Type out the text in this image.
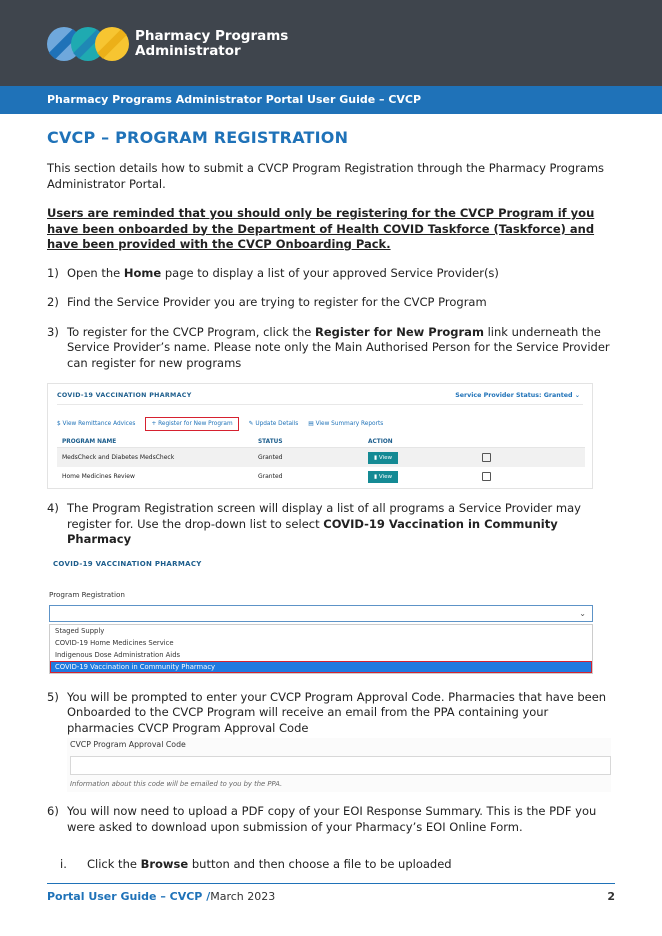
Pharmacy Programs
Administrator
Pharmacy Programs Administrator Portal User Guide – CVCP
CVCP – PROGRAM REGISTRATION

This section details how to submit a CVCP Program Registration through the Pharmacy Programs Administrator Portal.

Users are reminded that you should only be registering for the CVCP Program if you have been onboarded by the Department of Health COVID Taskforce (Taskforce) and have been provided with the CVCP Onboarding Pack.

1) Open the Home page to display a list of your approved Service Provider(s)
2) Find the Service Provider you are trying to register for the CVCP Program
3) To register for the CVCP Program, click the Register for New Program link underneath the Service Provider’s name. Please note only the Main Authorised Person for the Service Provider can register for new programs
COVID-19 VACCINATION PHARMACY	Service Provider Status: Granted ⌄
$ View Remittance Advices	+ Register for New Program	✎ Update Details ▤ View Summary Reports
PROGRAM NAME	STATUS	ACTION
MedsCheck and Diabetes MedsCheck	Granted	▮ View
Home Medicines Review	Granted	▮ View
4) The Program Registration screen will display a list of all programs a Service Provider may register for. Use the drop-down list to select COVID-19 Vaccination in Community Pharmacy
COVID-19 VACCINATION PHARMACY
Program Registration
⌄
Staged Supply
COVID-19 Home Medicines Service
Indigenous Dose Administration Aids
COVID-19 Vaccination in Community Pharmacy
5) You will be prompted to enter your CVCP Program Approval Code. Pharmacies that have been Onboarded to the CVCP Program will receive an email from the PPA containing your pharmacies CVCP Program Approval Code
CVCP Program Approval Code
Information about this code will be emailed to you by the PPA.
6) You will now need to upload a PDF copy of your EOI Response Summary. This is the PDF you were asked to download upon submission of your Pharmacy’s EOI Online Form.
i.	Click the Browse button and then choose a file to be uploaded
Portal User Guide – CVCP /March 2023	2
